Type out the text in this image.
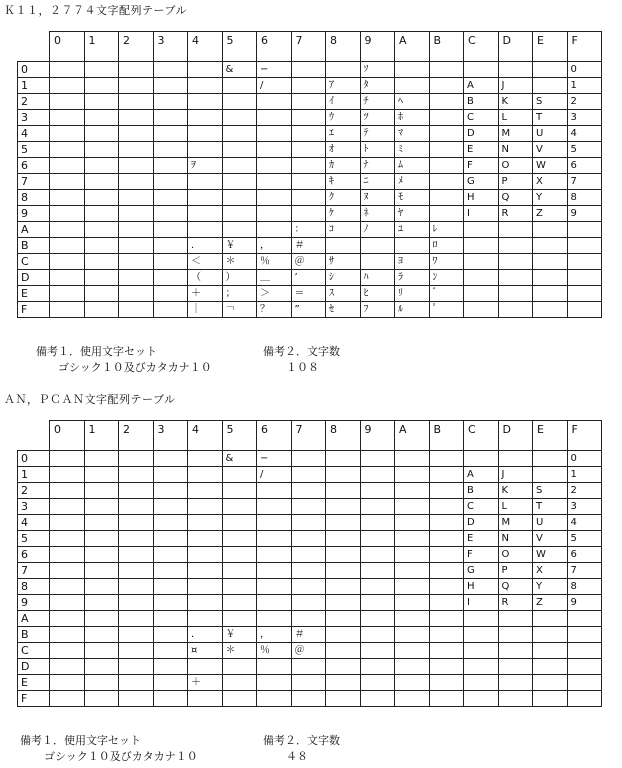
Ｋ１１，２７７４文字配列テーブル
	0	1	2	3	4	5	6	7	8	9	A	B	C	D	E	F
0						&	−			ｿ						0
1							/		ｱ	ﾀ			A	J		1
2									ｲ	ﾁ	ﾍ		B	K	S	2
3									ｳ	ﾂ	ﾎ		C	L	T	3
4									ｴ	ﾃ	ﾏ		D	M	U	4
5									ｵ	ﾄ	ﾐ		E	N	V	5
6					ｦ				ｶ	ﾅ	ﾑ		F	O	W	6
7									ｷ	ﾆ	ﾒ		G	P	X	7
8									ｸ	ﾇ	ﾓ		H	Q	Y	8
9									ｹ	ﾈ	ﾔ		I	R	Z	9
A								：	ｺ	ﾉ	ﾕ	ﾚ				
B					．	￥	，	＃				ﾛ				
C					＜	＊	％	＠	ｻ		ﾖ	ﾜ				
D					（	）	＿	’	ｼ	ﾊ	ﾗ	ﾝ				
E					＋	；	＞	＝	ｽ	ﾋ	ﾘ	ﾞ				
F					｜	￢	？	”	ｾ	ﾌ	ﾙ	ﾟ				
備考１．使用文字セット
ゴシック１０及びカタカナ１０
備考２．文字数
１０８
ＡＮ，ＰＣＡＮ文字配列テーブル
	0	1	2	3	4	5	6	7	8	9	A	B	C	D	E	F
0						&	−									0
1							/						A	J		1
2													B	K	S	2
3													C	L	T	3
4													D	M	U	4
5													E	N	V	5
6													F	O	W	6
7													G	P	X	7
8													H	Q	Y	8
9													I	R	Z	9
A																
B					．	￥	，	＃								
C					¤	＊	％	＠								
D																
E					＋											
F																
備考１．使用文字セット
ゴシック１０及びカタカナ１０
備考２．文字数
４８
